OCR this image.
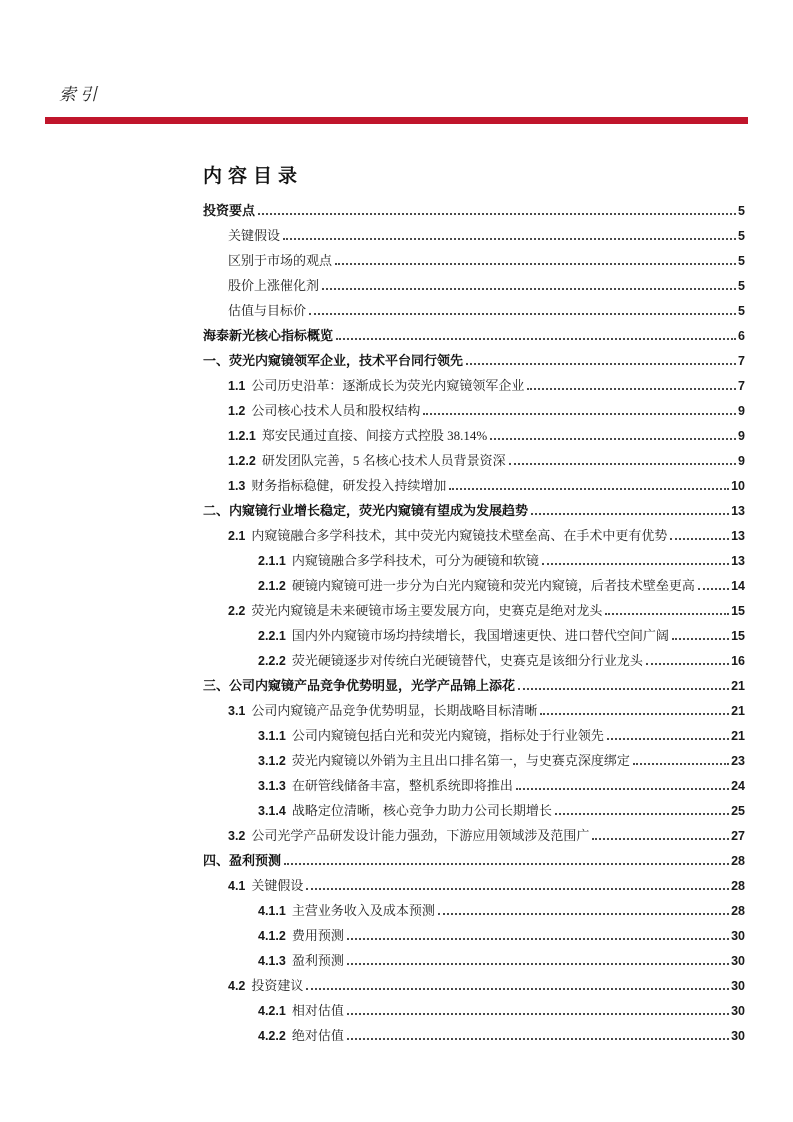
索引
内容目录
投资要点	5
关键假设	5
区别于市场的观点	5
股价上涨催化剂	5
估值与目标价	5
海泰新光核心指标概览	6
一、荧光内窥镜领军企业，技术平台同行领先	7
1.1 公司历史沿革：逐渐成长为荧光内窥镜领军企业	7
1.2 公司核心技术人员和股权结构	9
1.2.1 郑安民通过直接、间接方式控股 38.14%	9
1.2.2 研发团队完善，5 名核心技术人员背景资深	9
1.3 财务指标稳健，研发投入持续增加	10
二、内窥镜行业增长稳定，荧光内窥镜有望成为发展趋势	13
2.1 内窥镜融合多学科技术，其中荧光内窥镜技术壁垒高、在手术中更有优势	13
2.1.1 内窥镜融合多学科技术，可分为硬镜和软镜	13
2.1.2 硬镜内窥镜可进一步分为白光内窥镜和荧光内窥镜，后者技术壁垒更高	14
2.2 荧光内窥镜是未来硬镜市场主要发展方向，史赛克是绝对龙头	15
2.2.1 国内外内窥镜市场均持续增长，我国增速更快、进口替代空间广阔	15
2.2.2 荧光硬镜逐步对传统白光硬镜替代，史赛克是该细分行业龙头	16
三、公司内窥镜产品竞争优势明显，光学产品锦上添花	21
3.1 公司内窥镜产品竞争优势明显，长期战略目标清晰	21
3.1.1 公司内窥镜包括白光和荧光内窥镜，指标处于行业领先	21
3.1.2 荧光内窥镜以外销为主且出口排名第一，与史赛克深度绑定	23
3.1.3 在研管线储备丰富，整机系统即将推出	24
3.1.4 战略定位清晰，核心竞争力助力公司长期增长	25
3.2 公司光学产品研发设计能力强劲，下游应用领域涉及范围广	27
四、盈利预测	28
4.1 关键假设	28
4.1.1 主营业务收入及成本预测	28
4.1.2 费用预测	30
4.1.3 盈利预测	30
4.2 投资建议	30
4.2.1 相对估值	30
4.2.2 绝对估值	30
